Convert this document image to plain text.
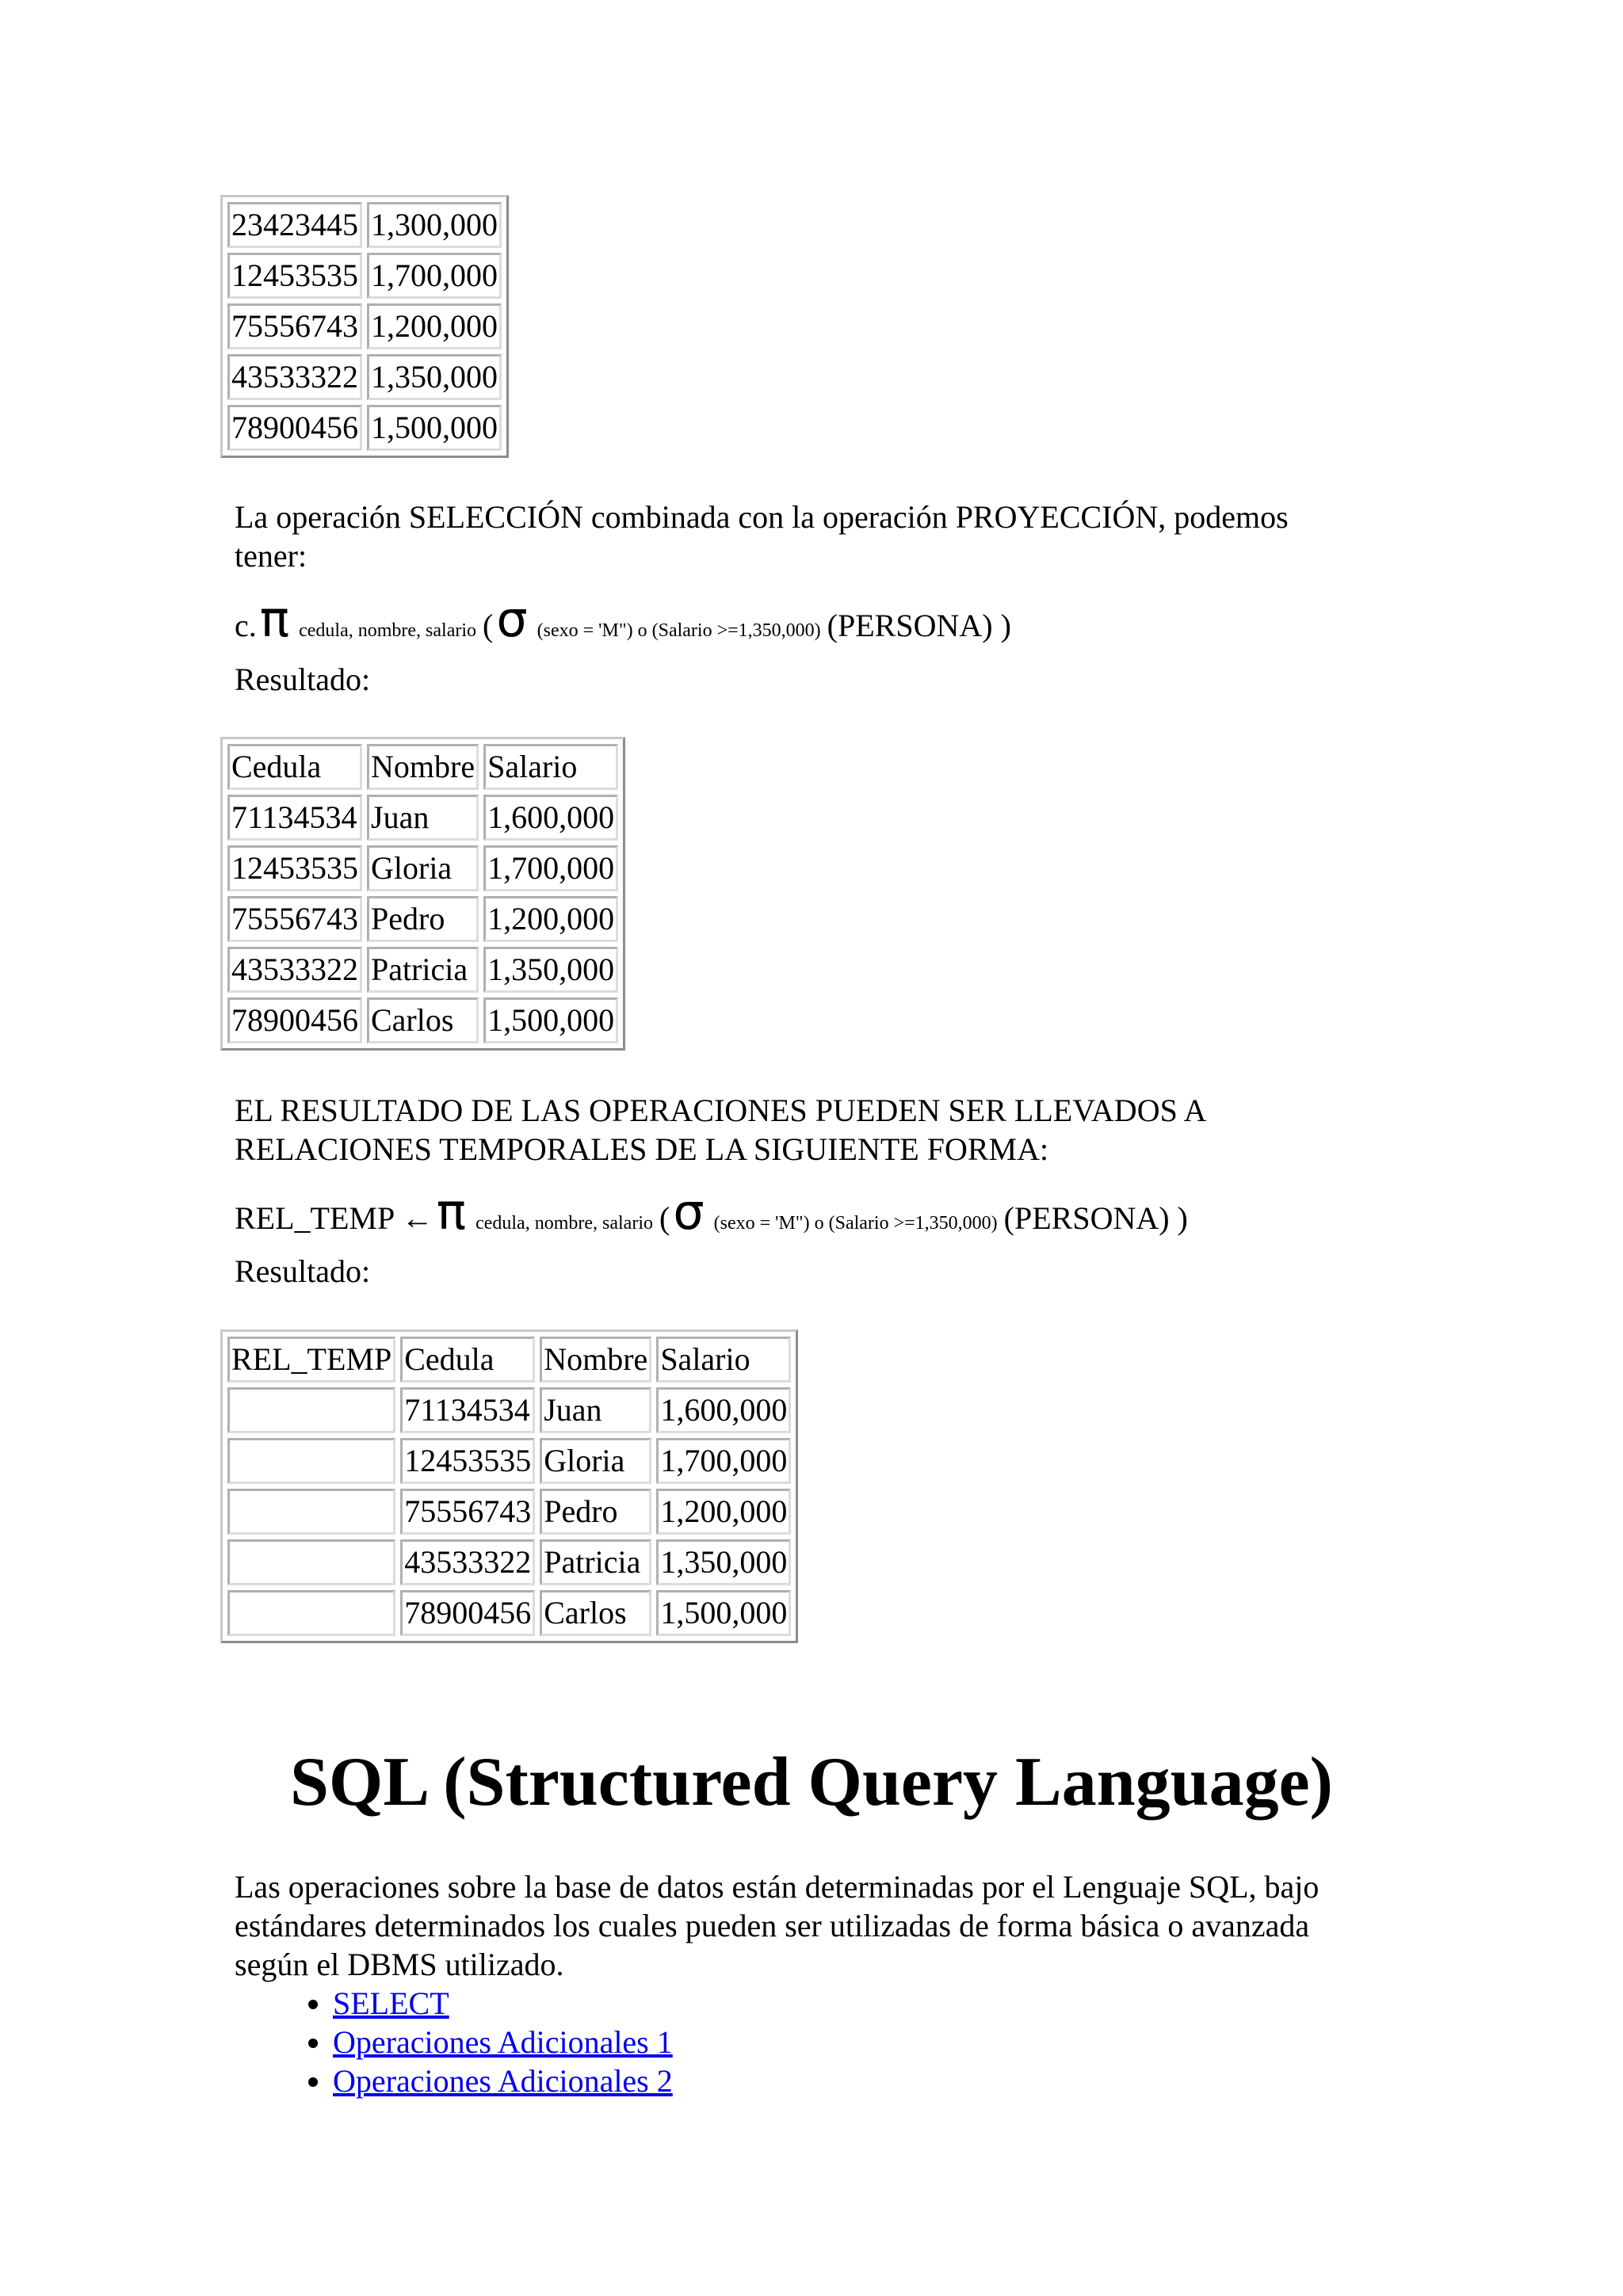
23423445	1,300,000
12453535	1,700,000
75556743	1,200,000
43533322	1,350,000
78900456	1,500,000
La operación SELECCIÓN combinada con la operación PROYECCIÓN, podemos tener:
c. π cedula, nombre, salario ( σ (sexo = 'M") o (Salario >=1,350,000) (PERSONA) )
Resultado:
Cedula	Nombre	Salario
71134534	Juan	1,600,000
12453535	Gloria	1,700,000
75556743	Pedro	1,200,000
43533322	Patricia	1,350,000
78900456	Carlos	1,500,000
EL RESULTADO DE LAS OPERACIONES PUEDEN SER LLEVADOS A RELACIONES TEMPORALES DE LA SIGUIENTE FORMA:
REL_TEMP ← π cedula, nombre, salario ( σ (sexo = 'M") o (Salario >=1,350,000) (PERSONA) )
Resultado:
REL_TEMP	Cedula	Nombre	Salario
	71134534	Juan	1,600,000
	12453535	Gloria	1,700,000
	75556743	Pedro	1,200,000
	43533322	Patricia	1,350,000
	78900456	Carlos	1,500,000
SQL (Structured Query Language)
Las operaciones sobre la base de datos están determinadas por el Lenguaje SQL, bajo estándares determinados los cuales pueden ser utilizadas de forma básica o avanzada según el DBMS utilizado.
• SELECT
• Operaciones Adicionales 1
• Operaciones Adicionales 2
